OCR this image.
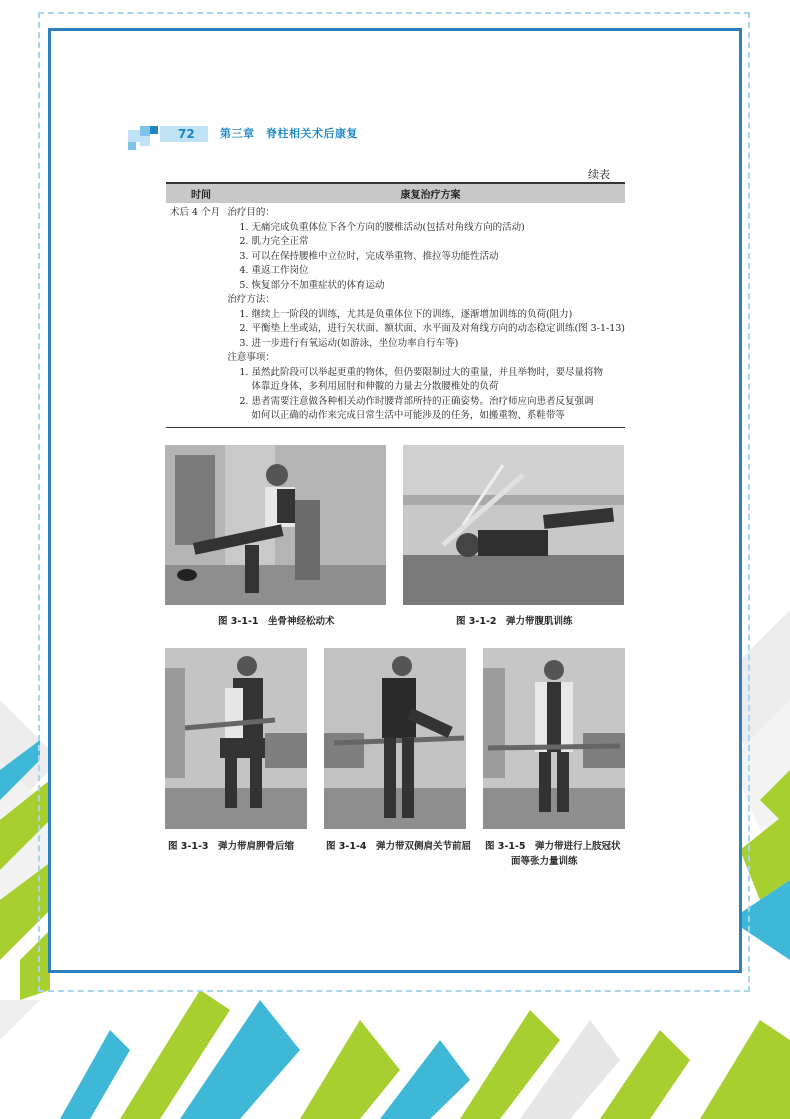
72 第三章　脊柱相关术后康复
续表
时间	康复治疗方案
术后 4 个月 治疗目的：
1. 无痛完成负重体位下各个方向的腰椎活动(包括对角线方向的活动)
2. 肌力完全正常
3. 可以在保持腰椎中立位时，完成举重物、推拉等功能性活动
4. 重返工作岗位
5. 恢复部分不加重症状的体育运动
治疗方法：
1. 继续上一阶段的训练，尤其是负重体位下的训练，逐渐增加训练的负荷(阻力)
2. 平衡垫上坐或站，进行矢状面、额状面、水平面及对角线方向的动态稳定训练(图 3-1-13)
3. 进一步进行有氧运动(如游泳，坐位功率自行车等)
注意事项：
1. 虽然此阶段可以举起更重的物体，但仍要限制过大的重量，并且举物时，要尽量将物
体靠近身体，多利用屈肘和伸髋的力量去分散腰椎处的负荷
2. 患者需要注意做各种相关动作时腰背部所持的正确姿势。治疗师应向患者反复强调
如何以正确的动作来完成日常生活中可能涉及的任务，如搬重物、系鞋带等
图 3-1-1　坐骨神经松动术	图 3-1-2　弹力带腹肌训练
图 3-1-3　弹力带肩胛骨后缩	图 3-1-4　弹力带双侧肩关节前屈 图 3-1-5　弹力带进行上肢冠状
面等张力量训练
